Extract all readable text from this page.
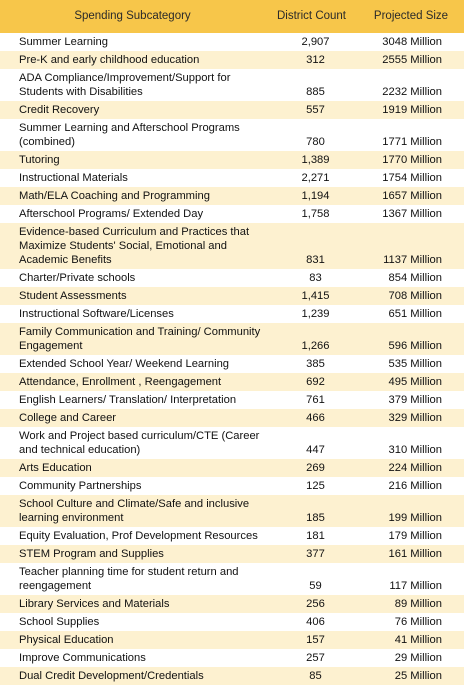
Spending Subcategory	District Count	Projected Size
Summer Learning	2,907	3048 Million
Pre-K and early childhood education	312	2555 Million
ADA Compliance/Improvement/Support for Students with Disabilities	885	2232 Million
Credit Recovery	557	1919 Million
Summer Learning and Afterschool Programs (combined)	780	1771 Million
Tutoring	1,389	1770 Million
Instructional Materials	2,271	1754 Million
Math/ELA Coaching and Programming	1,194	1657 Million
Afterschool Programs/ Extended Day	1,758	1367 Million
Evidence-based Curriculum and Practices that Maximize Students' Social, Emotional and Academic Benefits	831	1137 Million
Charter/Private schools	83	854 Million
Student Assessments	1,415	708 Million
Instructional Software/Licenses	1,239	651 Million
Family Communication and Training/ Community Engagement	1,266	596 Million
Extended School Year/ Weekend Learning	385	535 Million
Attendance, Enrollment , Reengagement	692	495 Million
English Learners/ Translation/ Interpretation	761	379 Million
College and Career	466	329 Million
Work and Project based curriculum/CTE (Career and technical education)	447	310 Million
Arts Education	269	224 Million
Community Partnerships	125	216 Million
School Culture and Climate/Safe and inclusive learning environment	185	199 Million
Equity Evaluation, Prof Development Resources	181	179 Million
STEM Program and Supplies	377	161 Million
Teacher planning time for student return and reengagement	59	117 Million
Library Services and Materials	256	89 Million
School Supplies	406	76 Million
Physical Education	157	41 Million
Improve Communications	257	29 Million
Dual Credit Development/Credentials	85	25 Million
